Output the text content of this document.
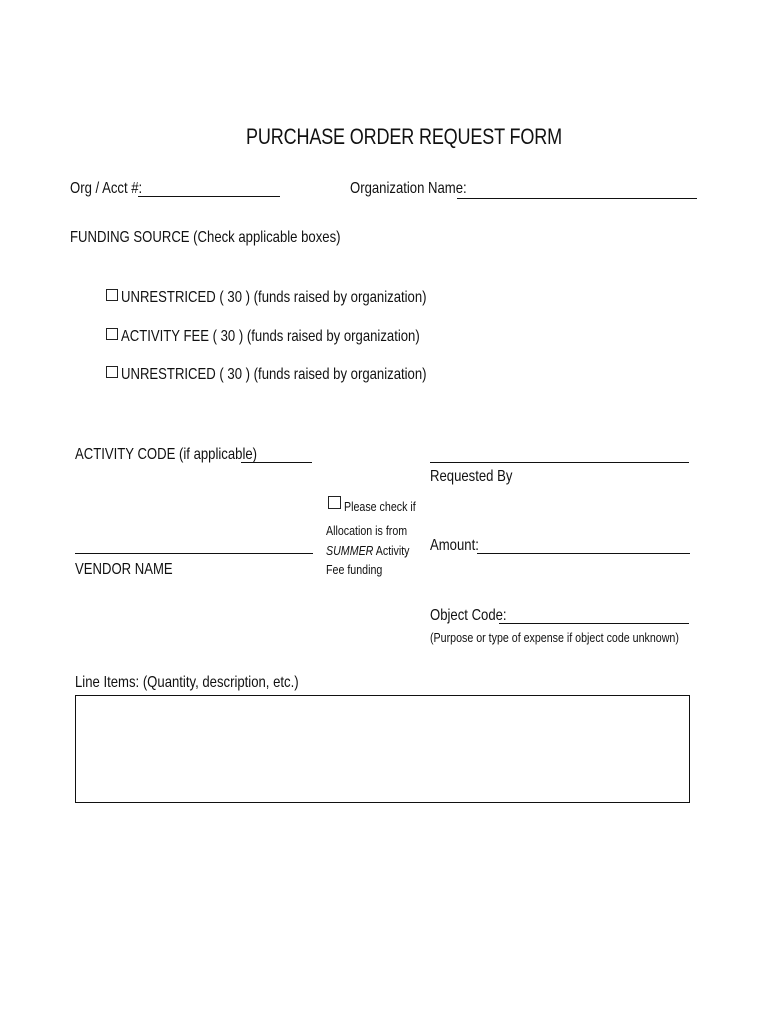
PURCHASE ORDER REQUEST FORM
Org / Acct #:	Organization Name:
FUNDING SOURCE (Check applicable boxes)
UNRESTRICED ( 30 ) (funds raised by organization)
ACTIVITY FEE ( 30 ) (funds raised by organization)
UNRESTRICED ( 30 ) (funds raised by organization)
ACTIVITY CODE (if applicable)
Requested By
Please check if
Allocation is from
SUMMER Activity
Fee funding
Amount:
VENDOR NAME
Object Code:
(Purpose or type of expense if object code unknown)
Line Items: (Quantity, description, etc.)
